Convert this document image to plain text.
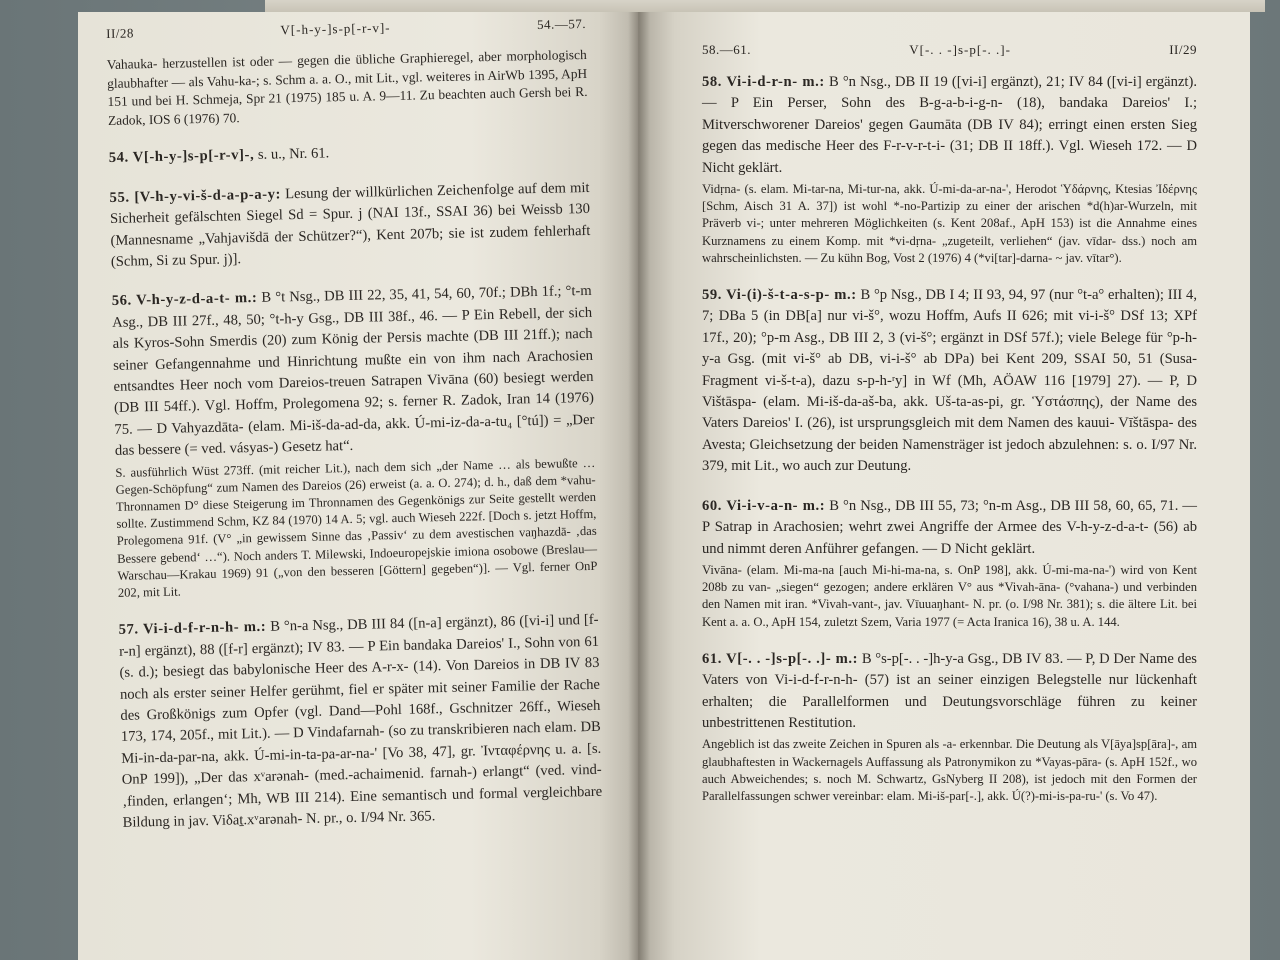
II/28	V[-h-y-]s-p[-r-v]-	54.—57.

Vahauka- herzustellen ist oder — gegen die übliche Graphieregel, aber morphologisch glaubhafter — als Vahu-ka-; s. Schm a. a. O., mit Lit., vgl. weiteres in AirWb 1395, ApH 151 und bei H. Schmeja, Spr 21 (1975) 185 u. A. 9—11. Zu beachten auch Gersh bei R. Zadok, IOS 6 (1976) 70.

54. V[-h-y-]s-p[-r-v]-, s. u., Nr. 61.

55. [V-h-y-vi-š-d-a-p-a-y: Lesung der willkürlichen Zeichenfolge auf dem mit Sicherheit gefälschten Siegel Sd = Spur. j (NAI 13f., SSAI 36) bei Weissb 130 (Mannesname „Vahjavišdā der Schützer?“), Kent 207b; sie ist zudem fehlerhaft (Schm, Si zu Spur. j)].

56. V-h-y-z-d-a-t- m.: B °t Nsg., DB III 22, 35, 41, 54, 60, 70f.; DBh 1f.; °t-m Asg., DB III 27f., 48, 50; °t-h-y Gsg., DB III 38f., 46. — P Ein Rebell, der sich als Kyros-Sohn Smerdis (20) zum König der Persis machte (DB III 21ff.); nach seiner Gefangennahme und Hinrichtung mußte ein von ihm nach Arachosien entsandtes Heer noch vom Dareios-treuen Satrapen Vivāna (60) besiegt werden (DB III 54ff.). Vgl. Hoffm, Prolegomena 92; s. ferner R. Zadok, Iran 14 (1976) 75. — D Vahyazdāta- (elam. Mi-iš-da-ad-da, akk. Ú-mi-iz-da-a-tu₄ [°tú]) = „Der das bessere (= ved. vásyas-) Gesetz hat“.

S. ausführlich Wüst 273ff. (mit reicher Lit.), nach dem sich „der Name … als bewußte … Gegen-Schöpfung“ zum Namen des Dareios (26) erweist (a. a. O. 274); d. h., daß dem *vahu-Thronnamen D° diese Steigerung im Thronnamen des Gegenkönigs zur Seite gestellt werden sollte. Zustimmend Schm, KZ 84 (1970) 14 A. 5; vgl. auch Wieseh 222f. [Doch s. jetzt Hoffm, Prolegomena 91f. (V° „in gewissem Sinne das ‚Passiv‘ zu dem avestischen vaŋhazdā- ‚das Bessere gebend‘ …“). Noch anders T. Milewski, Indoeuropejskie imiona osobowe (Breslau—Warschau—Krakau 1969) 91 („von den besseren [Göttern] gegeben“)]. — Vgl. ferner OnP 202, mit Lit.

57. Vi-i-d-f-r-n-h- m.: B °n-a Nsg., DB III 84 ([n-a] ergänzt), 86 ([vi-i] und [f-r-n] ergänzt), 88 ([f-r] ergänzt); IV 83. — P Ein bandaka Dareios' I., Sohn von 61 (s. d.); besiegt das babylonische Heer des A-r-x- (14). Von Dareios in DB IV 83 noch als erster seiner Helfer gerühmt, fiel er später mit seiner Familie der Rache des Großkönigs zum Opfer (vgl. Dand—Pohl 168f., Gschnitzer 26ff., Wieseh 173, 174, 205f., mit Lit.). — D Vindafarnah- (so zu transkribieren nach elam. DB Mi-in-da-par-na, akk. Ú-mi-in-ta-pa-ar-na-' [Vo 38, 47], gr. Ἰνταφέρνης u. a. [s. OnP 199]), „Der das xᵛarənah- (med.-achaimenid. farnah-) erlangt“ (ved. vind- ‚finden, erlangen‘; Mh, WB III 214). Eine semantisch und formal vergleichbare Bildung in jav. Viδaṯ.xᵛarənah- N. pr., o. I/94 Nr. 365.

58.—61.	V[-. . -]s-p[-. .]-	II/29

58. Vi-i-d-r-n- m.: B °n Nsg., DB II 19 ([vi-i] ergänzt), 21; IV 84 ([vi-i] ergänzt). — P Ein Perser, Sohn des B-g-a-b-i-g-n- (18), bandaka Dareios' I.; Mitverschworener Dareios' gegen Gaumāta (DB IV 84); erringt einen ersten Sieg gegen das medische Heer des F-r-v-r-t-i- (31; DB II 18ff.). Vgl. Wieseh 172. — D Nicht geklärt.

Vidṛna- (s. elam. Mi-tar-na, Mi-tur-na, akk. Ú-mi-da-ar-na-', Herodot Ὑδάρνης, Ktesias Ἰδέρνης [Schm, Aisch 31 A. 37]) ist wohl *-no-Partizip zu einer der arischen *d(h)ar-Wurzeln, mit Präverb vi-; unter mehreren Möglichkeiten (s. Kent 208af., ApH 153) ist die Annahme eines Kurznamens zu einem Komp. mit *vi-dṛna- „zugeteilt, verliehen“ (jav. vīdar- dss.) noch am wahrscheinlichsten. — Zu kühn Bog, Vost 2 (1976) 4 (*vi[tar]-darna- ~ jav. vītar°).

59. Vi-(i)-š-t-a-s-p- m.: B °p Nsg., DB I 4; II 93, 94, 97 (nur °t-a° erhalten); III 4, 7; DBa 5 (in DB[a] nur vi-š°, wozu Hoffm, Aufs II 626; mit vi-i-š° DSf 13; XPf 17f., 20); °p-m Asg., DB III 2, 3 (vi-š°; ergänzt in DSf 57f.); viele Belege für °p-h-y-a Gsg. (mit vi-š° ab DB, vi-i-š° ab DPa) bei Kent 209, SSAI 50, 51 (Susa-Fragment vi-š-t-a), dazu s-p-h-ʳy] in Wf (Mh, AÖAW 116 [1979] 27). — P, D Vištāspa- (elam. Mi-iš-da-aš-ba, akk. Uš-ta-as-pi, gr. Ὑστάσπης), der Name des Vaters Dareios' I. (26), ist ursprungsgleich mit dem Namen des kauui- Vīštāspa- des Avesta; Gleichsetzung der beiden Namensträger ist jedoch abzulehnen: s. o. I/97 Nr. 379, mit Lit., wo auch zur Deutung.

60. Vi-i-v-a-n- m.: B °n Nsg., DB III 55, 73; °n-m Asg., DB III 58, 60, 65, 71. — P Satrap in Arachosien; wehrt zwei Angriffe der Armee des V-h-y-z-d-a-t- (56) ab und nimmt deren Anführer gefangen. — D Nicht geklärt.

Vivāna- (elam. Mi-ma-na [auch Mi-hi-ma-na, s. OnP 198], akk. Ú-mi-ma-na-') wird von Kent 208b zu van- „siegen“ gezogen; andere erklären V° aus *Vivah-āna- (°vahana-) und verbinden den Namen mit iran. *Vivah-vant-, jav. Vīuuaŋhant- N. pr. (o. I/98 Nr. 381); s. die ältere Lit. bei Kent a. a. O., ApH 154, zuletzt Szem, Varia 1977 (= Acta Iranica 16), 38 u. A. 144.

61. V[-. . -]s-p[-. .]- m.: B °s-p[-. . -]h-y-a Gsg., DB IV 83. — P, D Der Name des Vaters von Vi-i-d-f-r-n-h- (57) ist an seiner einzigen Belegstelle nur lückenhaft erhalten; die Parallelformen und Deutungsvorschläge führen zu keiner unbestrittenen Restitution.

Angeblich ist das zweite Zeichen in Spuren als -a- erkennbar. Die Deutung als V[āya]sp[āra]-, am glaubhaftesten in Wackernagels Auffassung als Patronymikon zu *Vayas-pāra- (s. ApH 152f., wo auch Abweichendes; s. noch M. Schwartz, GsNyberg II 208), ist jedoch mit den Formen der Parallelfassungen schwer vereinbar: elam. Mi-iš-par[-.], akk. Ú(?)-mi-is-pa-ru-' (s. Vo 47).
